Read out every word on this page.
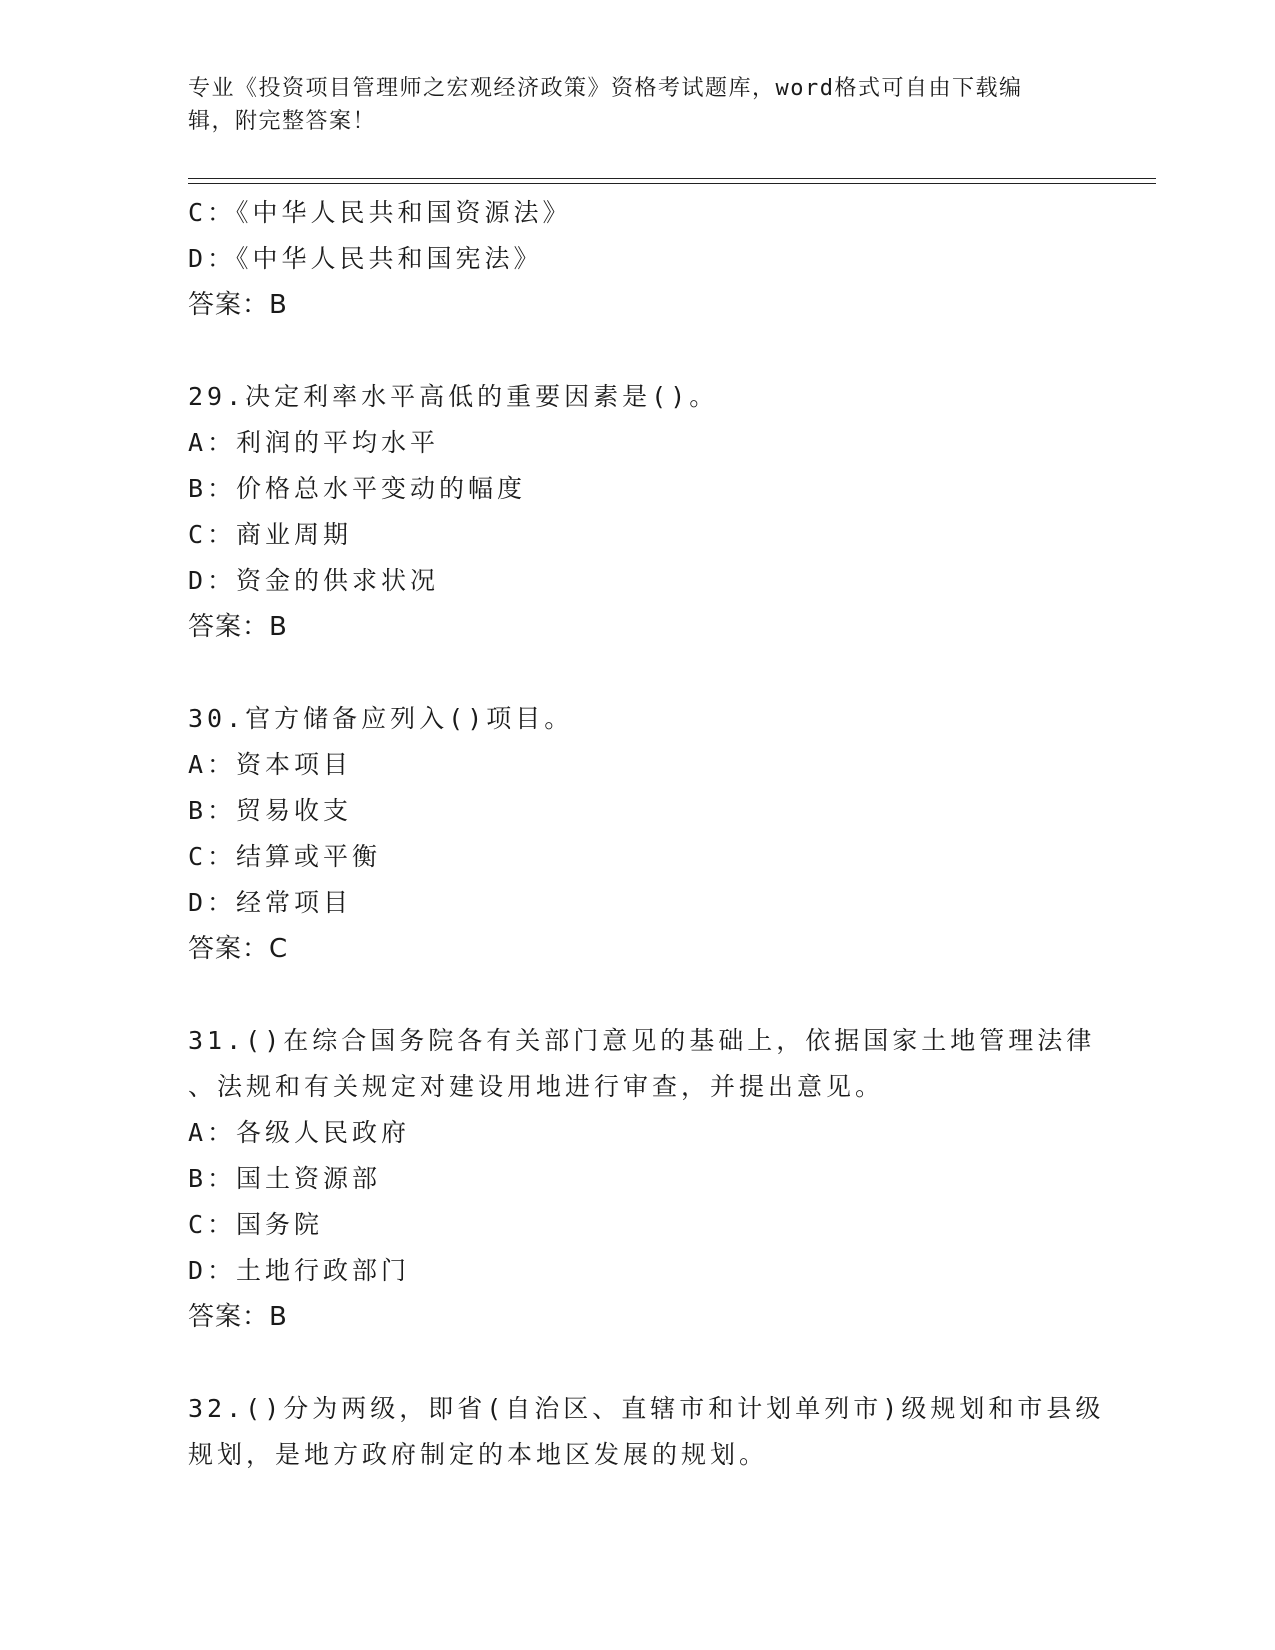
专业《投资项目管理师之宏观经济政策》资格考试题库，word格式可自由下载编
辑，附完整答案！
C：《中华人民共和国资源法》
D：《中华人民共和国宪法》
答案：B
29.决定利率水平高低的重要因素是()。
A：利润的平均水平
B：价格总水平变动的幅度
C：商业周期
D：资金的供求状况
答案：B
30.官方储备应列入()项目。
A：资本项目
B：贸易收支
C：结算或平衡
D：经常项目
答案：C
31.()在综合国务院各有关部门意见的基础上，依据国家土地管理法律
、法规和有关规定对建设用地进行审查，并提出意见。
A：各级人民政府
B：国土资源部
C：国务院
D：土地行政部门
答案：B
32.()分为两级，即省(自治区、直辖市和计划单列市)级规划和市县级
规划，是地方政府制定的本地区发展的规划。
